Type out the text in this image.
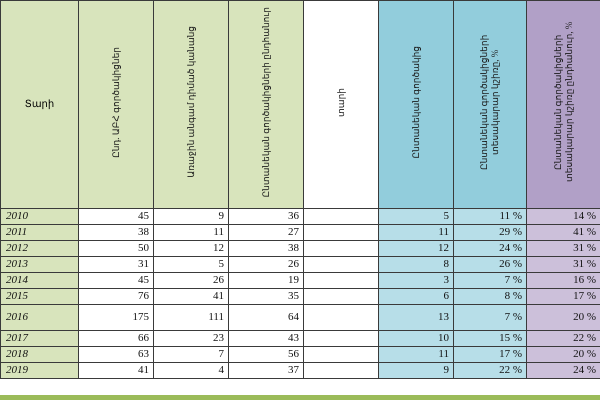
Տարի	Ընդ. ԱԲՀ գործակիցներ	Առաջին անգամ դիմած կանանց	Ընտանեկան գործակիցների ընդհանուր	տարի	Ընտանեկան գործակից	Ընտանեկան գործակիցների տեսակարար կշիռը, %	Ընտանեկան գործակիցների տեսակարար կշիռը ընդհանուր, %
2010	45	9	36		5	11 %	14 %
2011	38	11	27		11	29 %	41 %
2012	50	12	38		12	24 %	31 %
2013	31	5	26		8	26 %	31 %
2014	45	26	19		3	7 %	16 %
2015	76	41	35		6	8 %	17 %
2016	175	111	64		13	7 %	20 %
2017	66	23	43		10	15 %	22 %
2018	63	7	56		11	17 %	20 %
2019	41	4	37		9	22 %	24 %
